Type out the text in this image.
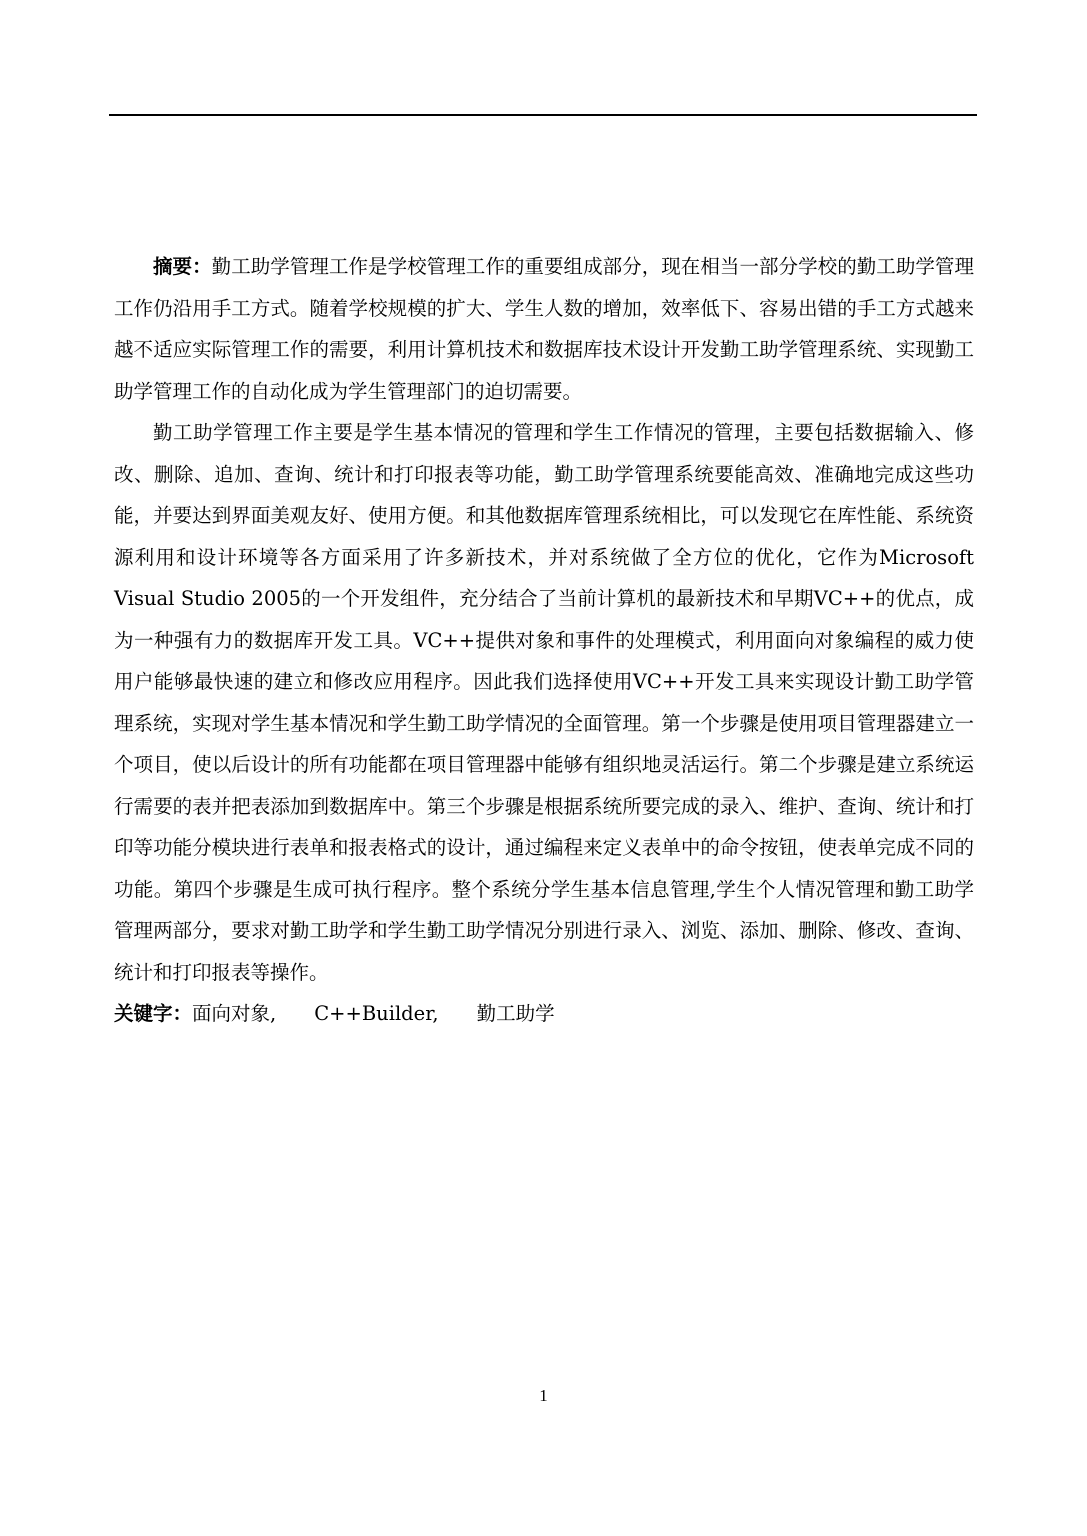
摘要：勤工助学管理工作是学校管理工作的重要组成部分，现在相当一部分学校的勤工助学管理工作仍沿用手工方式。随着学校规模的扩大、学生人数的增加，效率低下、容易出错的手工方式越来越不适应实际管理工作的需要，利用计算机技术和数据库技术设计开发勤工助学管理系统、实现勤工助学管理工作的自动化成为学生管理部门的迫切需要。

勤工助学管理工作主要是学生基本情况的管理和学生工作情况的管理，主要包括数据输入、修改、删除、追加、查询、统计和打印报表等功能，勤工助学管理系统要能高效、准确地完成这些功能，并要达到界面美观友好、使用方便。和其他数据库管理系统相比，可以发现它在库性能、系统资源利用和设计环境等各方面采用了许多新技术，并对系统做了全方位的优化，它作为Microsoft Visual Studio 2005的一个开发组件，充分结合了当前计算机的最新技术和早期VC++的优点，成为一种强有力的数据库开发工具。VC++提供对象和事件的处理模式，利用面向对象编程的威力使用户能够最快速的建立和修改应用程序。因此我们选择使用VC++开发工具来实现设计勤工助学管理系统，实现对学生基本情况和学生勤工助学情况的全面管理。第一个步骤是使用项目管理器建立一个项目，使以后设计的所有功能都在项目管理器中能够有组织地灵活运行。第二个步骤是建立系统运行需要的表并把表添加到数据库中。第三个步骤是根据系统所要完成的录入、维护、查询、统计和打印等功能分模块进行表单和报表格式的设计，通过编程来定义表单中的命令按钮，使表单完成不同的功能。第四个步骤是生成可执行程序。整个系统分学生基本信息管理,学生个人情况管理和勤工助学管理两部分，要求对勤工助学和学生勤工助学情况分别进行录入、浏览、添加、删除、修改、查询、统计和打印报表等操作。

关键字：面向对象, C++Builder, 勤工助学

1
